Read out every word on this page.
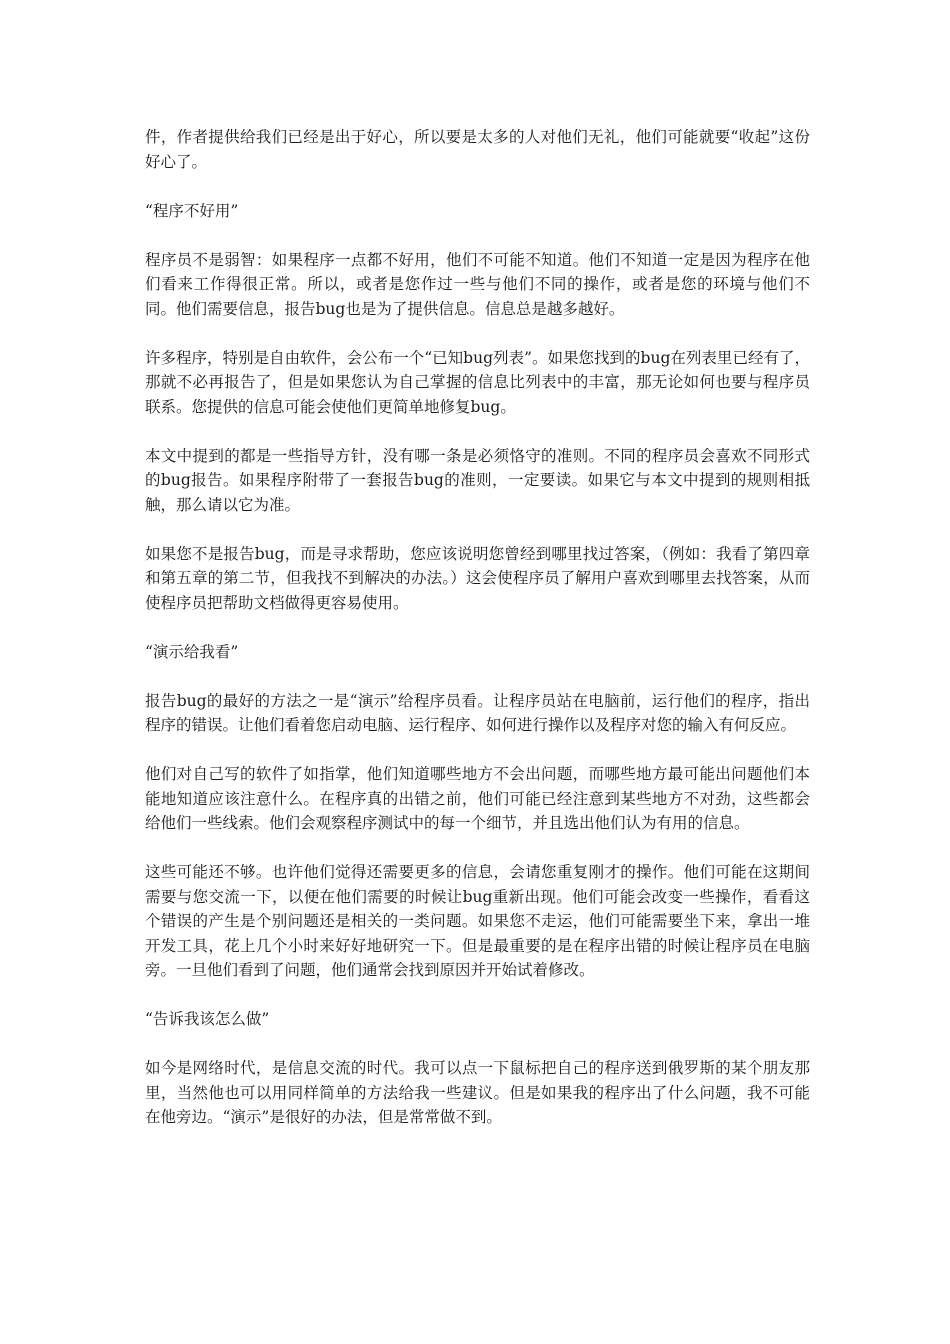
件，作者提供给我们已经是出于好心，所以要是太多的人对他们无礼，他们可能就要“收起”这份好心了。

“程序不好用”

程序员不是弱智：如果程序一点都不好用，他们不可能不知道。他们不知道一定是因为程序在他们看来工作得很正常。所以，或者是您作过一些与他们不同的操作，或者是您的环境与他们不同。他们需要信息，报告bug也是为了提供信息。信息总是越多越好。

许多程序，特别是自由软件，会公布一个“已知bug列表”。如果您找到的bug在列表里已经有了，那就不必再报告了，但是如果您认为自己掌握的信息比列表中的丰富，那无论如何也要与程序员联系。您提供的信息可能会使他们更简单地修复bug。

本文中提到的都是一些指导方针，没有哪一条是必须恪守的准则。不同的程序员会喜欢不同形式的bug报告。如果程序附带了一套报告bug的准则，一定要读。如果它与本文中提到的规则相抵触，那么请以它为准。

如果您不是报告bug，而是寻求帮助，您应该说明您曾经到哪里找过答案，（例如：我看了第四章和第五章的第二节，但我找不到解决的办法。）这会使程序员了解用户喜欢到哪里去找答案，从而使程序员把帮助文档做得更容易使用。

“演示给我看”

报告bug的最好的方法之一是“演示”给程序员看。让程序员站在电脑前，运行他们的程序，指出程序的错误。让他们看着您启动电脑、运行程序、如何进行操作以及程序对您的输入有何反应。

他们对自己写的软件了如指掌，他们知道哪些地方不会出问题，而哪些地方最可能出问题他们本能地知道应该注意什么。在程序真的出错之前，他们可能已经注意到某些地方不对劲，这些都会给他们一些线索。他们会观察程序测试中的每一个细节，并且选出他们认为有用的信息。

这些可能还不够。也许他们觉得还需要更多的信息，会请您重复刚才的操作。他们可能在这期间需要与您交流一下，以便在他们需要的时候让bug重新出现。他们可能会改变一些操作，看看这个错误的产生是个别问题还是相关的一类问题。如果您不走运，他们可能需要坐下来，拿出一堆开发工具，花上几个小时来好好地研究一下。但是最重要的是在程序出错的时候让程序员在电脑旁。一旦他们看到了问题，他们通常会找到原因并开始试着修改。

“告诉我该怎么做”

如今是网络时代，是信息交流的时代。我可以点一下鼠标把自己的程序送到俄罗斯的某个朋友那里，当然他也可以用同样简单的方法给我一些建议。但是如果我的程序出了什么问题，我不可能在他旁边。“演示”是很好的办法，但是常常做不到。
